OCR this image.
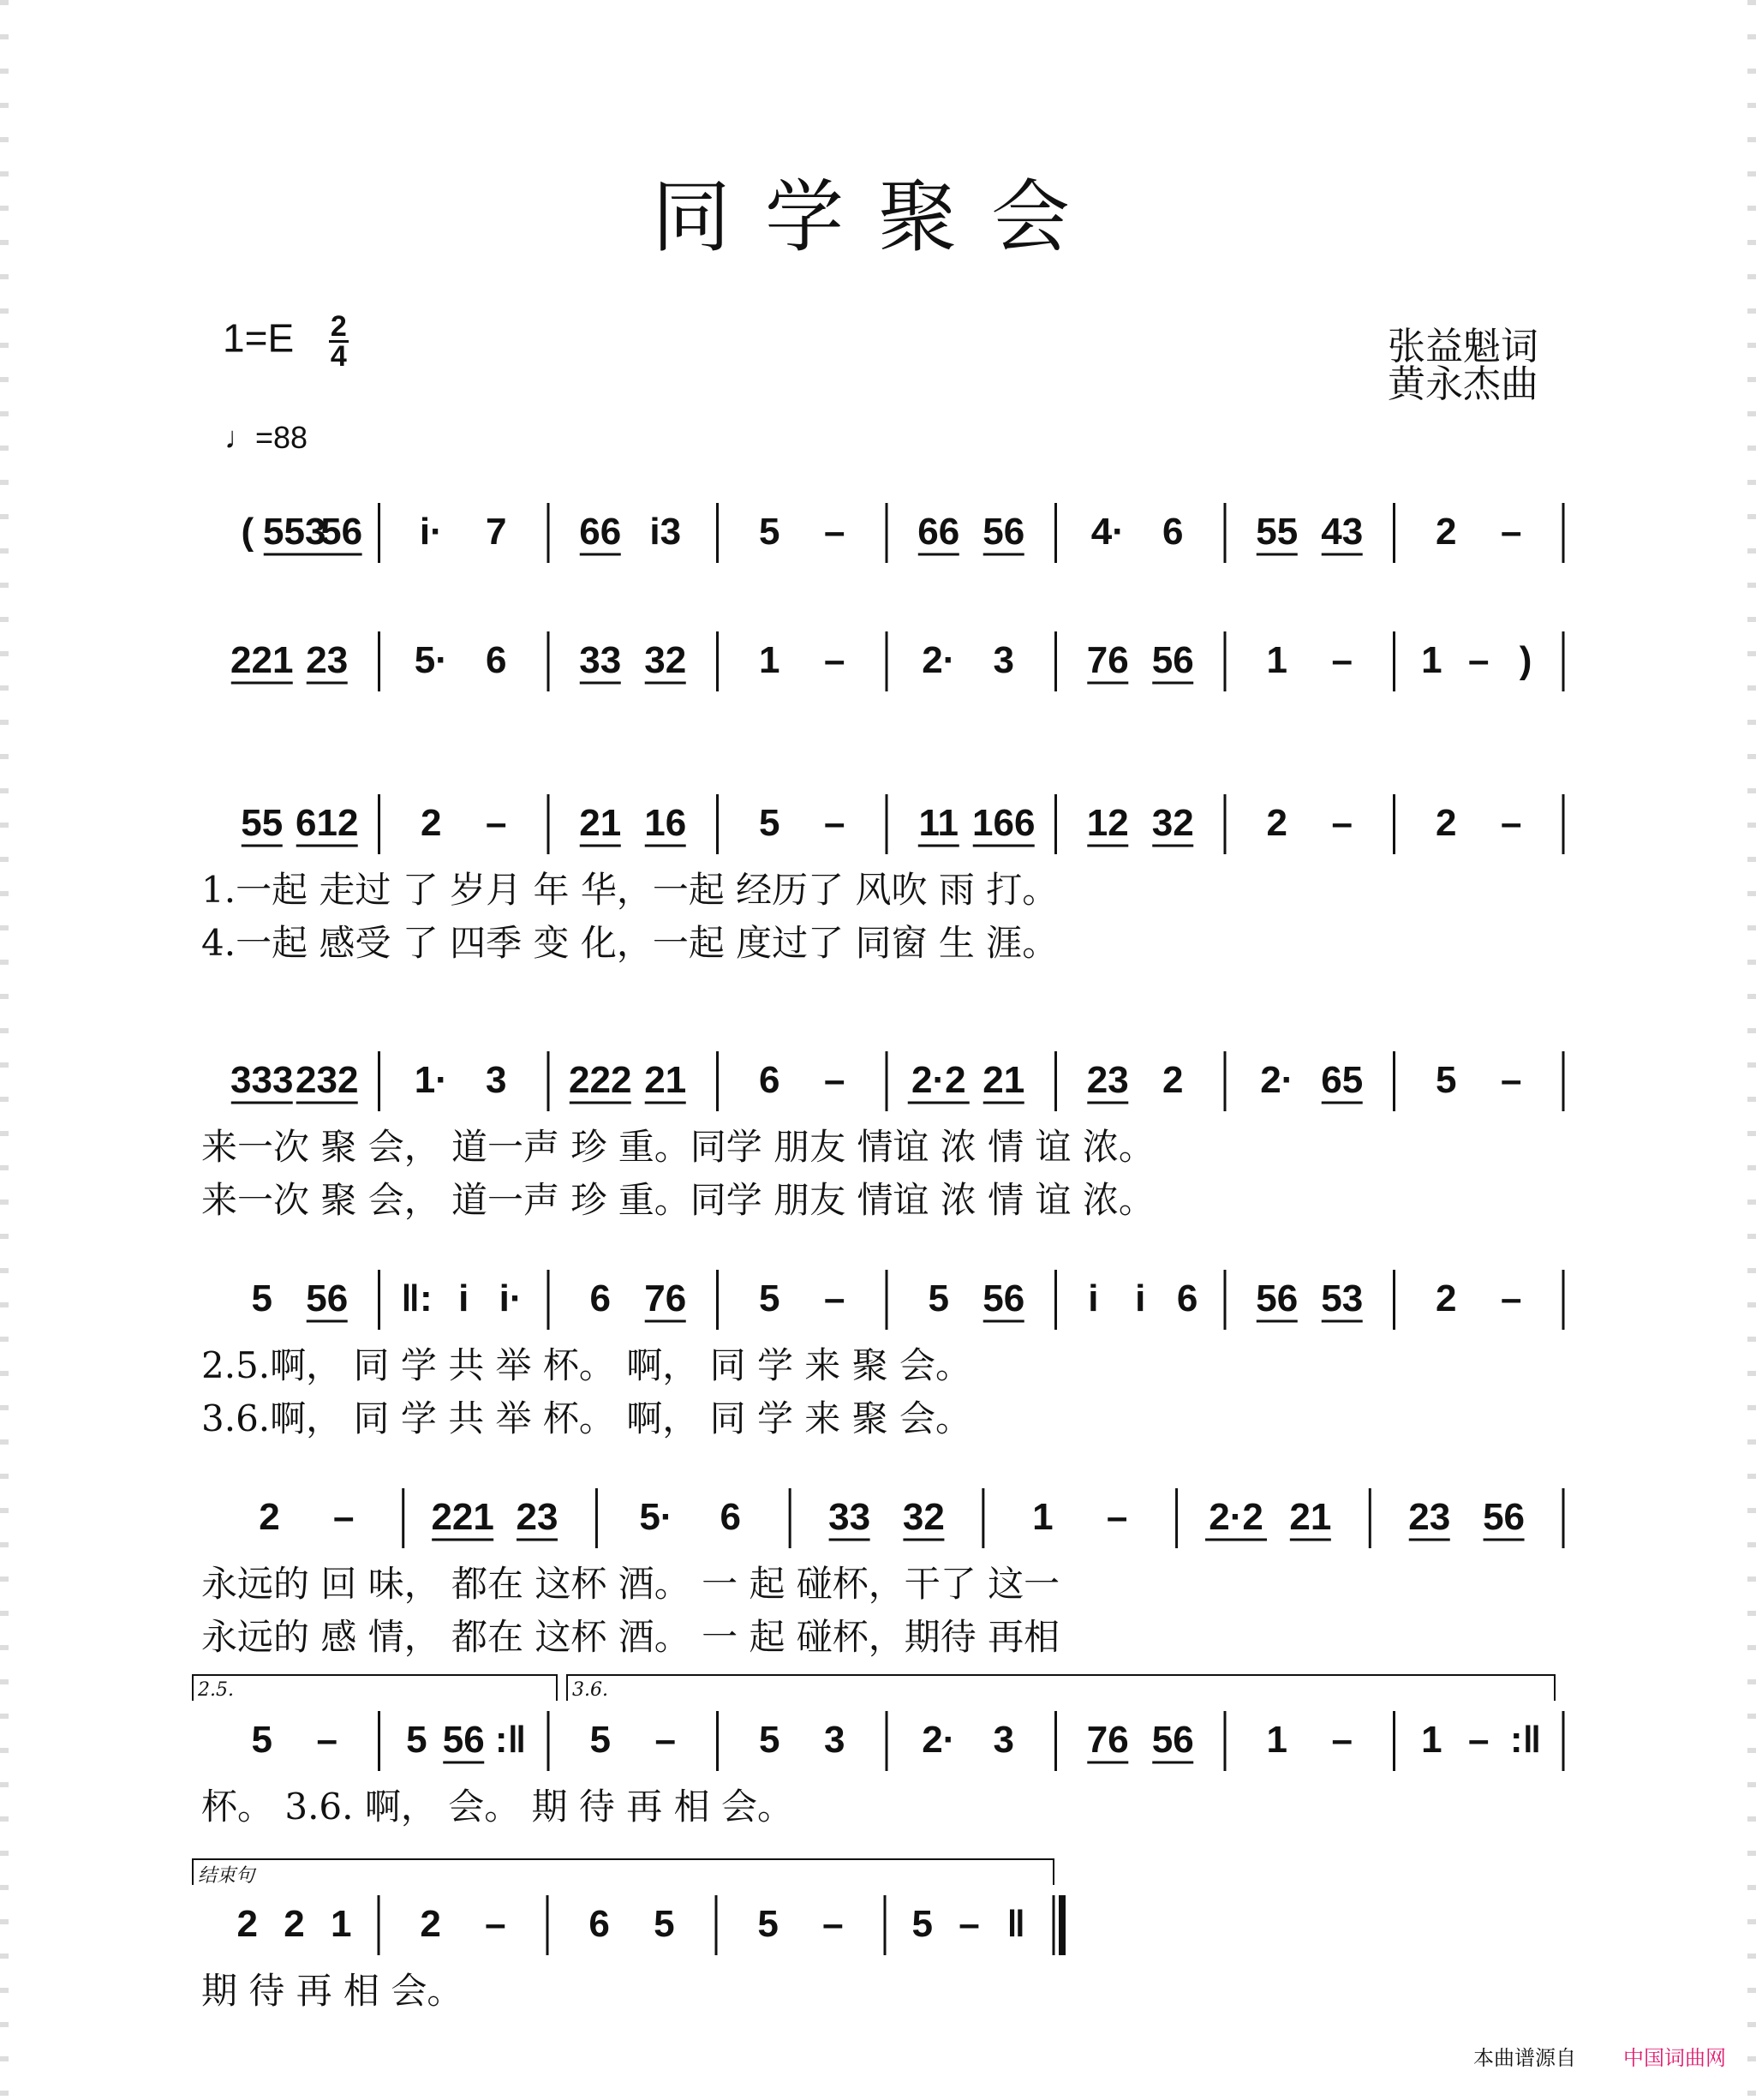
同学聚会
$1=E \frac{2}{4}$	张益魁词
黄永杰曲
♩=88
( 553
56 i· 7 66 i3 5 – 66 56 4· 6 55 43 2 –
221 23 5· 6 33 32 1 – 2· 3 76 56 1 – 1 – )
55 612 2 – 21 16 5 – 11 166 12 32 2 – 2 –
1.一起 走过 了 岁月 年 华，一起 经历了 风吹 雨 打。
4.一起 感受 了 四季 变 化，一起 度过了 同窗 生 涯。
333 232 1· 3 222 21 6 – 2·2 21 23 2 2· 65 5 –
来一次 聚 会， 道一声 珍 重。同学 朋友 情谊 浓 情 谊 浓。
来一次 聚 会， 道一声 珍 重。同学 朋友 情谊 浓 情 谊 浓。
5 56 ‖: i i· 6 76 5 – 5 56 i i 6 56 53 2 –
2.5.啊， 同 学 共 举 杯。 啊， 同 学 来 聚 会。
3.6.啊， 同 学 共 举 杯。 啊， 同 学 来 聚 会。
2 – 221 23 5· 6 33 32 1 – 2·2 21 23 56
永远的 回 味， 都在 这杯 酒。 一 起 碰杯，干了 这一
永远的 感 情， 都在 这杯 酒。 一 起 碰杯，期待 再相
5 – 5 56 :‖ 5 – 5 3 2· 3 76 56 1 – 1 – :‖
杯。 3.6. 啊， 会。 期 待 再 相 会。
2.5.	3.6.
2 2 1 2 – 6 5 5 – 5 – ‖
期 待 再 相 会。
结束句
本曲谱源自 中国词曲网
